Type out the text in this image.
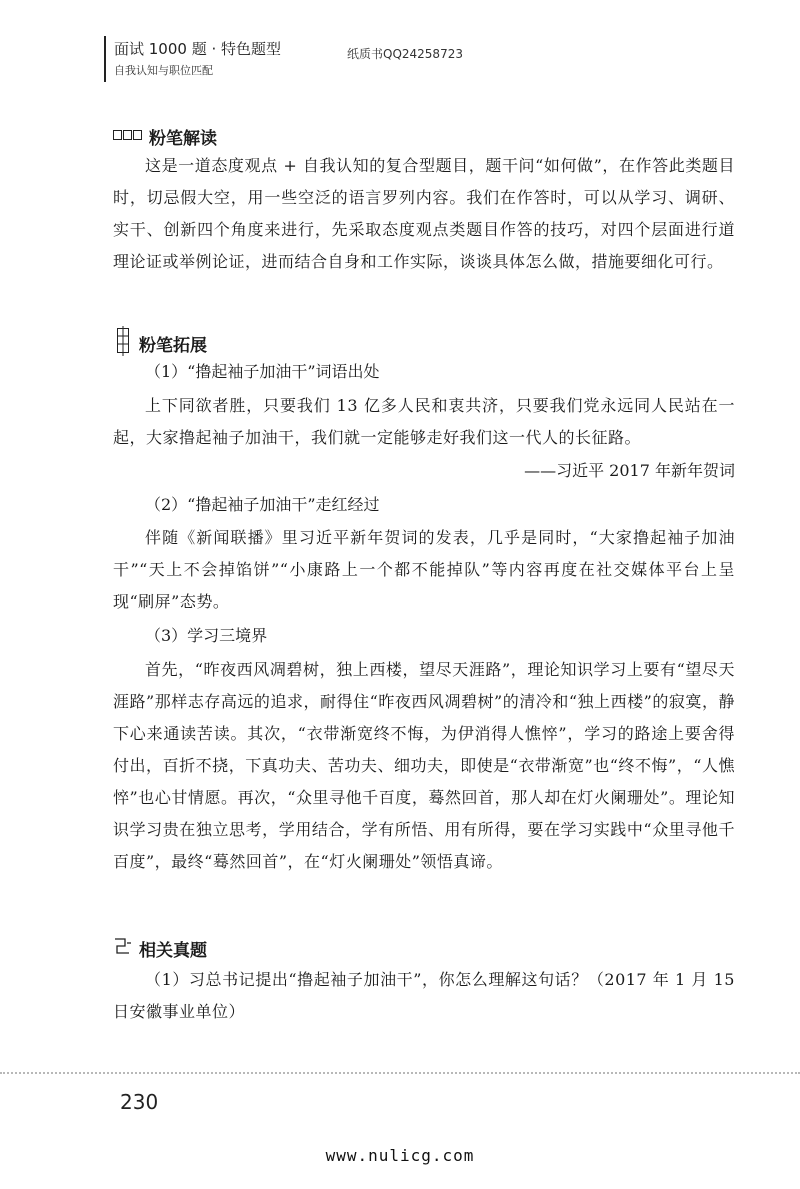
面试 1000 题 · 特色题型
自我认知与职位匹配
纸质书QQ24258723
粉笔解读

这是一道态度观点 + 自我认知的复合型题目，题干问“如何做”，在作答此类题目时，切忌假大空，用一些空泛的语言罗列内容。我们在作答时，可以从学习、调研、实干、创新四个角度来进行，先采取态度观点类题目作答的技巧，对四个层面进行道理论证或举例论证，进而结合自身和工作实际，谈谈具体怎么做，措施要细化可行。

粉笔拓展

（1）“撸起袖子加油干”词语出处

上下同欲者胜，只要我们 13 亿多人民和衷共济，只要我们党永远同人民站在一起，大家撸起袖子加油干，我们就一定能够走好我们这一代人的长征路。

——习近平 2017 年新年贺词

（2）“撸起袖子加油干”走红经过

伴随《新闻联播》里习近平新年贺词的发表，几乎是同时，“大家撸起袖子加油干”“天上不会掉馅饼”“小康路上一个都不能掉队”等内容再度在社交媒体平台上呈现“刷屏”态势。

（3）学习三境界

首先，“昨夜西风凋碧树，独上西楼，望尽天涯路”，理论知识学习上要有“望尽天涯路”那样志存高远的追求，耐得住“昨夜西风凋碧树”的清冷和“独上西楼”的寂寞，静下心来通读苦读。其次，“衣带渐宽终不悔，为伊消得人憔悴”，学习的路途上要舍得付出，百折不挠，下真功夫、苦功夫、细功夫，即使是“衣带渐宽”也“终不悔”，“人憔悴”也心甘情愿。再次，“众里寻他千百度，蓦然回首，那人却在灯火阑珊处”。理论知识学习贵在独立思考，学用结合，学有所悟、用有所得，要在学习实践中“众里寻他千百度”，最终“蓦然回首”，在“灯火阑珊处”领悟真谛。

相关真题

（1）习总书记提出“撸起袖子加油干”，你怎么理解这句话？（2017 年 1 月 15 日安徽事业单位）

230
www.nulicg.com
